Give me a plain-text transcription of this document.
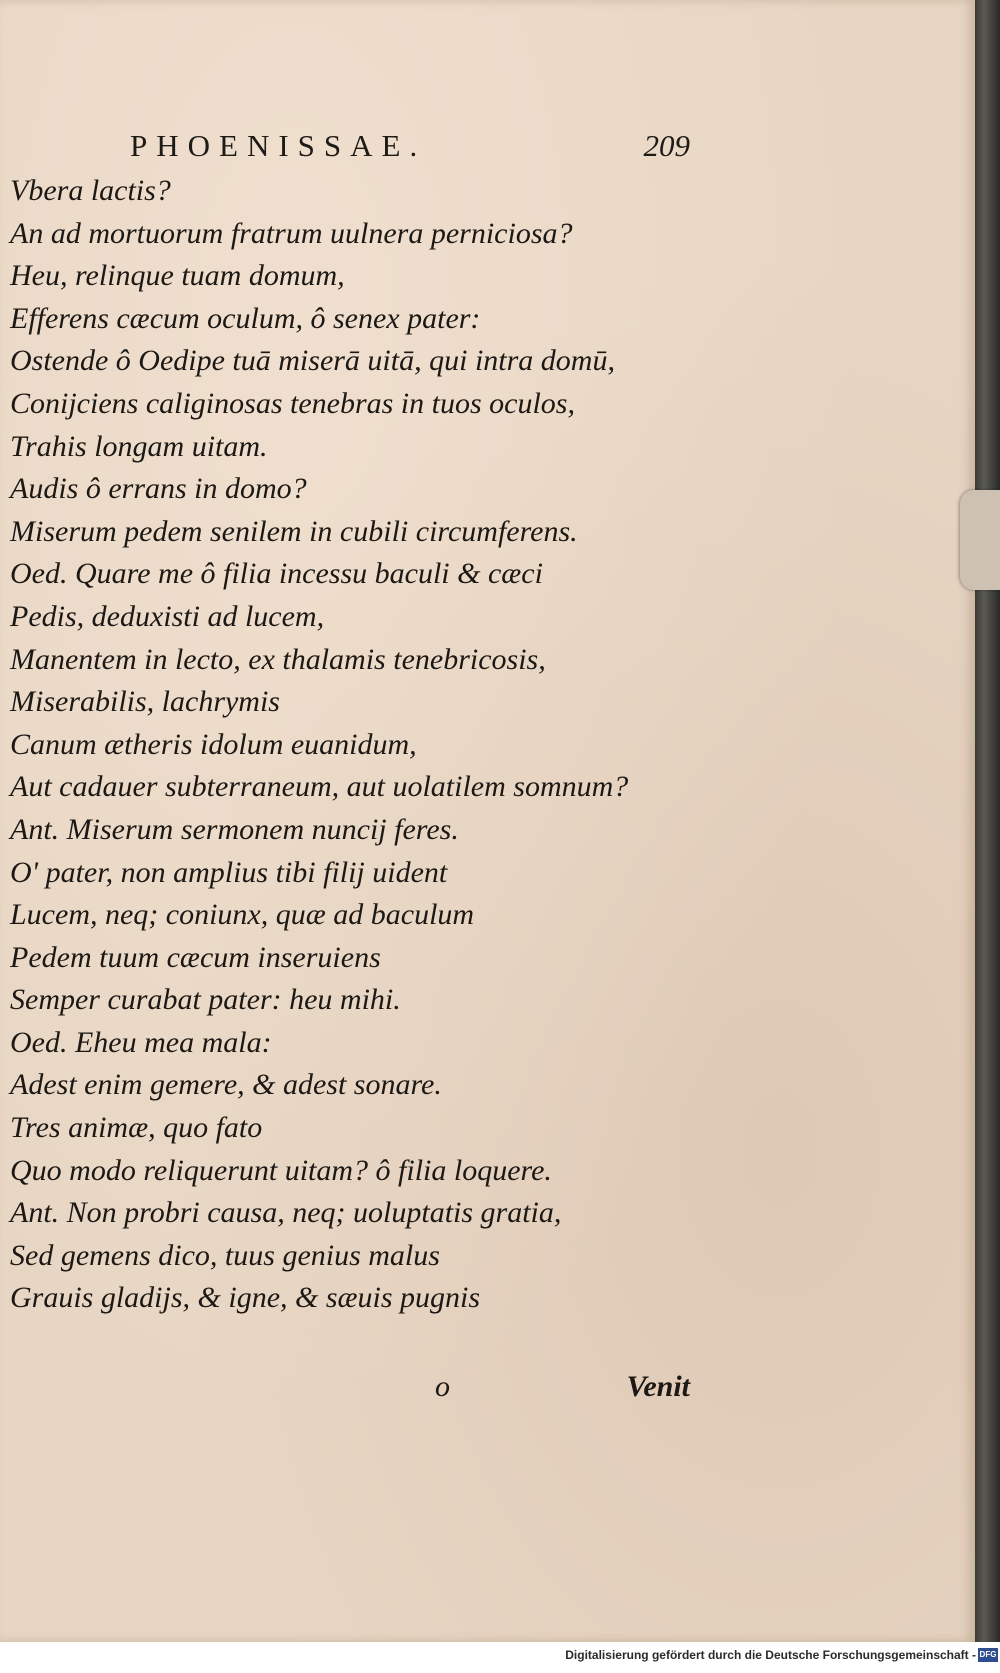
PHOENISSAE.	209
Vbera lactis?
An ad mortuorum fratrum uulnera perniciosa?
Heu, relinque tuam domum,
Efferens cæcum oculum, ô senex pater:
Ostende ô Oedipe tuā miserā uitā, qui intra domū,
Conijciens caliginosas tenebras in tuos oculos,
Trahis longam uitam.
Audis ô errans in domo?
Miserum pedem senilem in cubili circumferens.
Oed. Quare me ô filia incessu baculi & cæci
Pedis, deduxisti ad lucem,
Manentem in lecto, ex thalamis tenebricosis,
Miserabilis, lachrymis
Canum ætheris idolum euanidum,
Aut cadauer subterraneum, aut uolatilem somnum?
Ant. Miserum sermonem nuncij feres.
O' pater, non amplius tibi filij uident
Lucem, neq; coniunx, quæ ad baculum
Pedem tuum cæcum inseruiens
Semper curabat pater: heu mihi.
Oed. Eheu mea mala:
Adest enim gemere, & adest sonare.
Tres animæ, quo fato
Quo modo reliquerunt uitam? ô filia loquere.
Ant. Non probri causa, neq; uoluptatis gratia,
Sed gemens dico, tuus genius malus
Grauis gladijs, & igne, & sæuis pugnis
o	Venit
Digitalisierung gefördert durch die Deutsche Forschungsgemeinschaft - DFG
